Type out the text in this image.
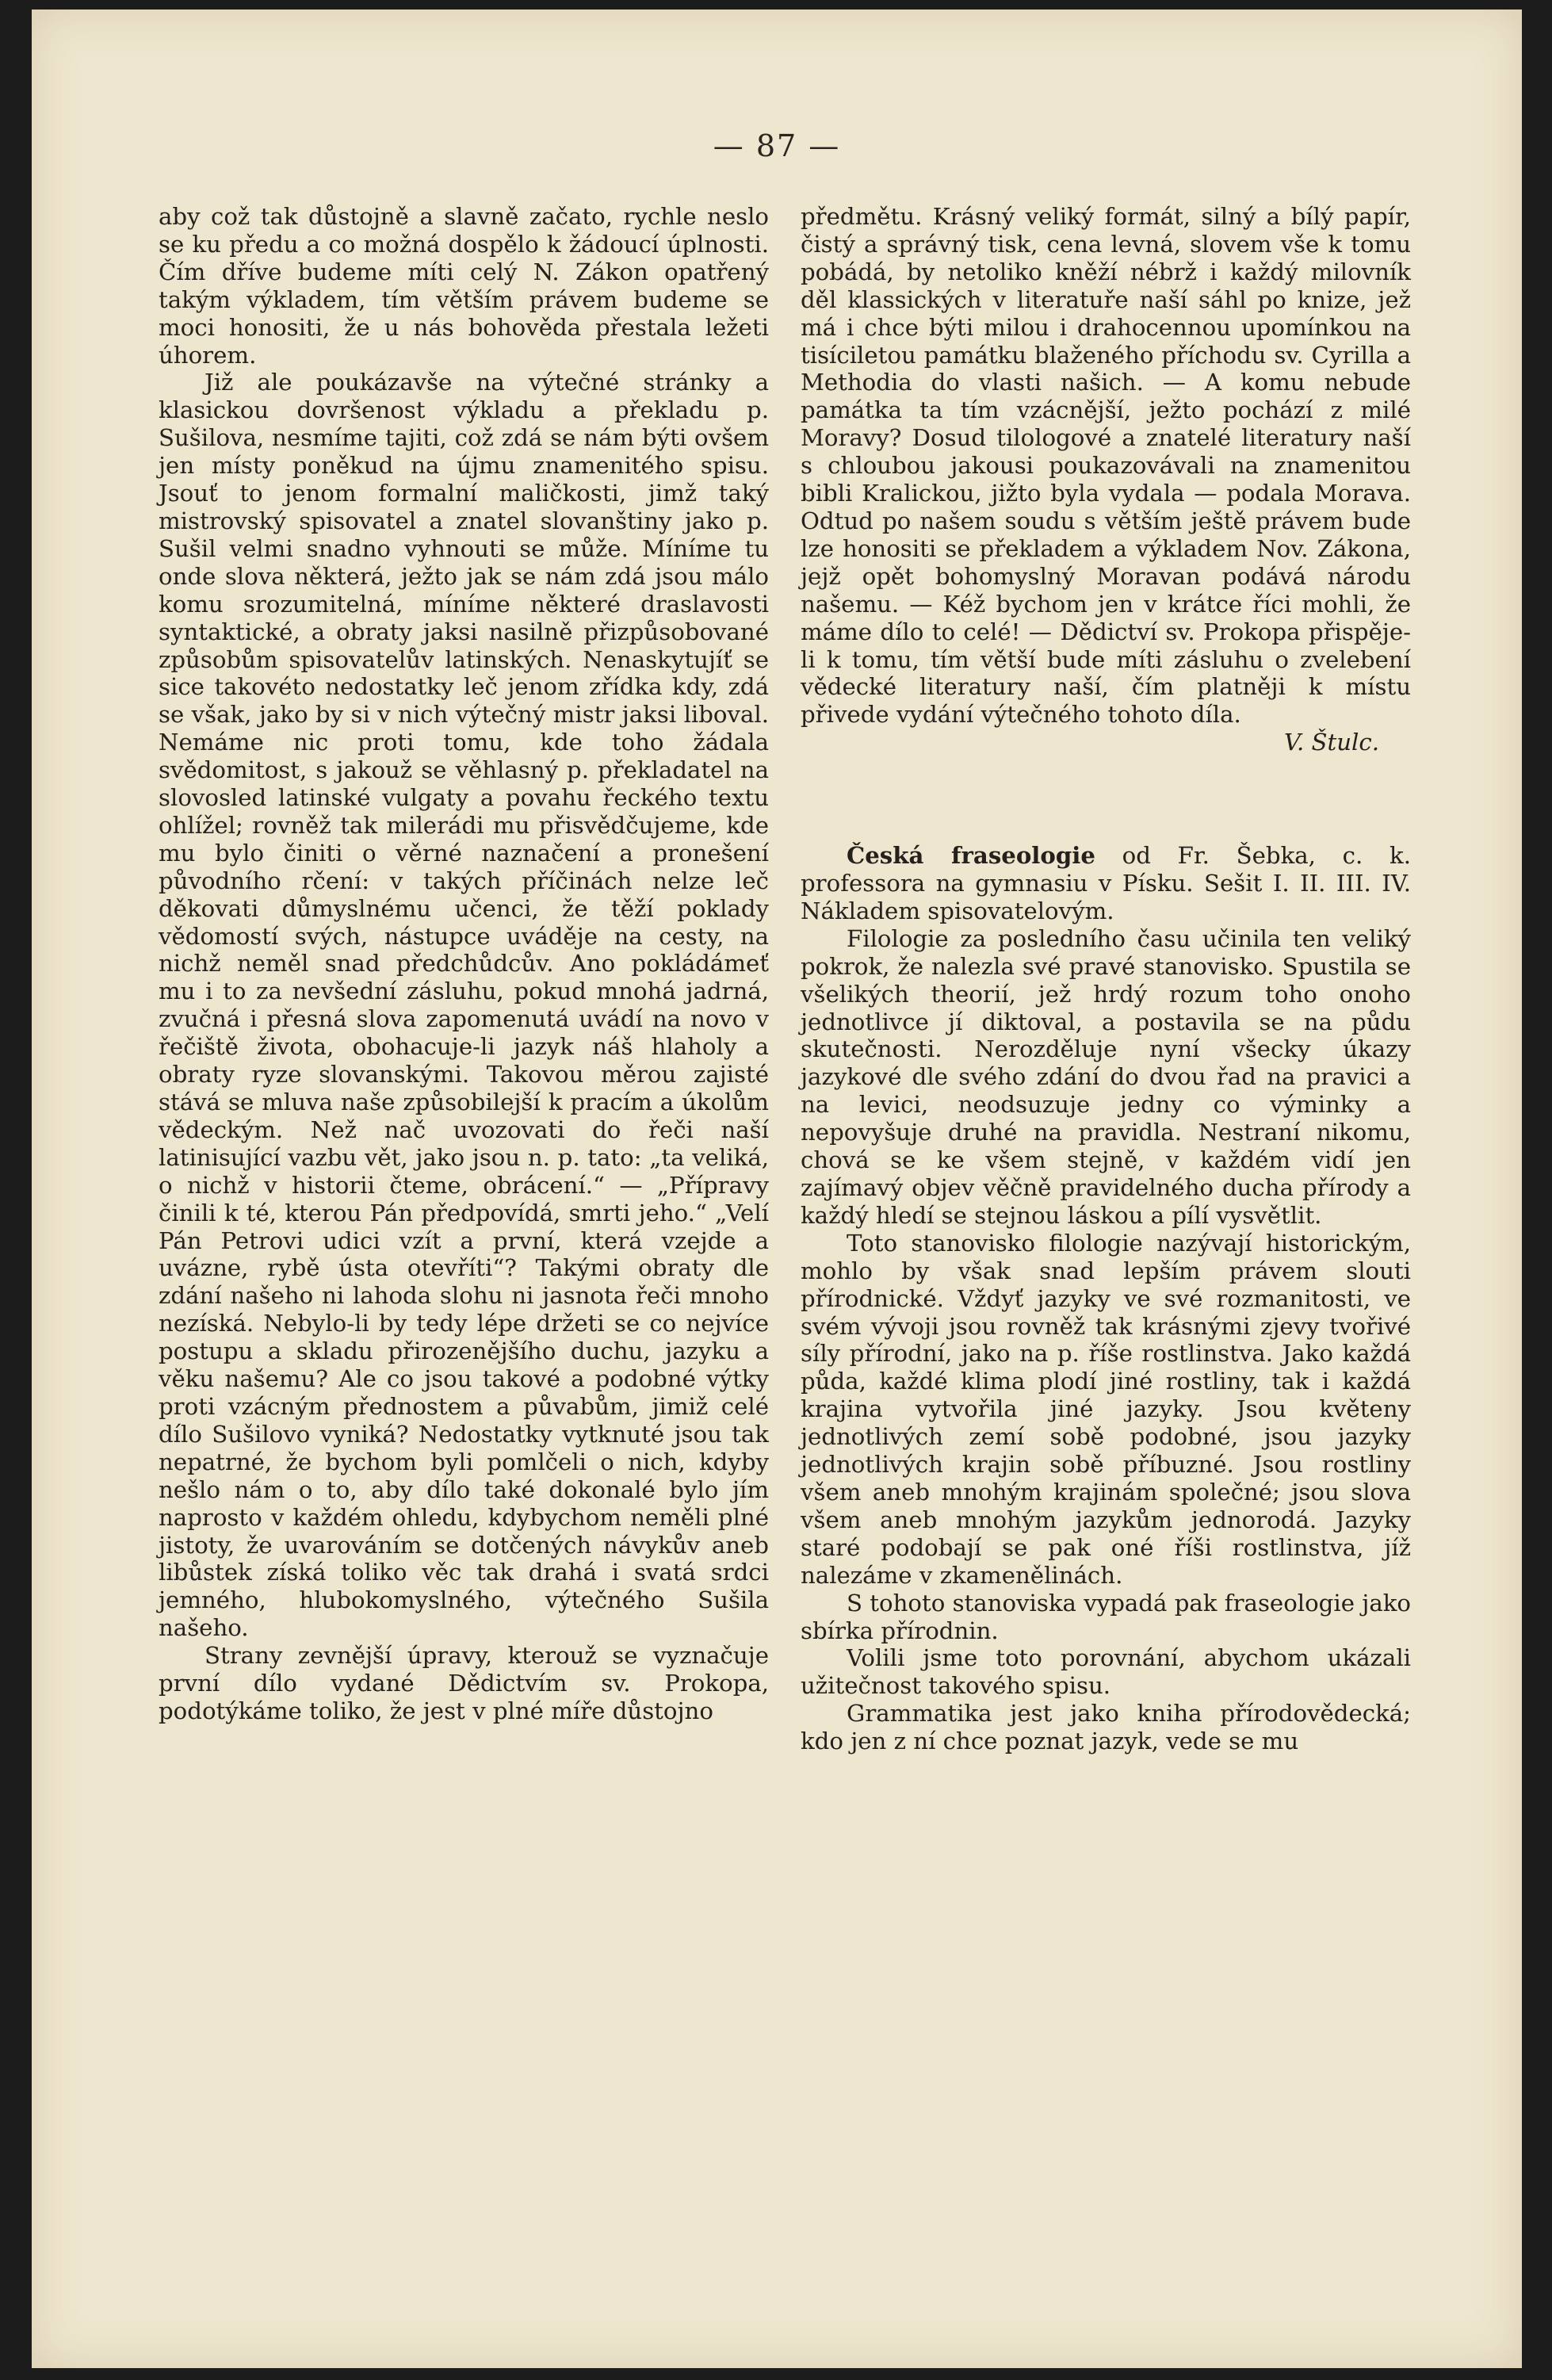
— 87 —

aby což tak důstojně a slavně začato, rychle neslo se ku předu a co možná dospělo k žádoucí úplnosti. Čím dříve budeme míti celý N. Zákon opatřený takým výkladem, tím větším právem budeme se moci honositi, že u nás bohověda přestala ležeti úhorem.

Již ale poukázavše na výtečné stránky a klasickou dovršenost výkladu a překladu p. Sušilova, nesmíme tajiti, což zdá se nám býti ovšem jen místy poněkud na újmu znamenitého spisu. Jsouť to jenom formalní maličkosti, jimž taký mistrovský spisovatel a znatel slovanštiny jako p. Sušil velmi snadno vyhnouti se může. Míníme tu onde slova některá, ježto jak se nám zdá jsou málo komu srozumitelná, míníme některé draslavosti syntaktické, a obraty jaksi nasilně přizpůsobované způsobům spisovatelův latinských. Nenaskytujíť se sice takovéto nedostatky leč jenom zřídka kdy, zdá se však, jako by si v nich výtečný mistr jaksi liboval. Nemáme nic proti tomu, kde toho žádala svědomitost, s jakouž se věhlasný p. překladatel na slovosled latinské vulgaty a povahu řeckého textu ohlížel; rovněž tak milerádi mu přisvědčujeme, kde mu bylo činiti o věrné naznačení a pronešení původního rčení: v takých příčinách nelze leč děkovati důmyslnému učenci, že těží poklady vědomostí svých, nástupce uváděje na cesty, na nichž neměl snad předchůdcův. Ano pokládámeť mu i to za nevšední zásluhu, pokud mnohá jadrná, zvučná i přesná slova zapomenutá uvádí na novo v řečiště života, obohacuje-li jazyk náš hlaholy a obraty ryze slovanskými. Takovou měrou zajisté stává se mluva naše způsobilejší k pracím a úkolům vědeckým. Než nač uvozovati do řeči naší latinisující vazbu vět, jako jsou n. p. tato: „ta veliká, o nichž v historii čteme, obrácení.“ — „Přípravy činili k té, kterou Pán předpovídá, smrti jeho.“ „Velí Pán Petrovi udici vzít a první, která vzejde a uvázne, rybě ústa otevříti“? Takými obraty dle zdání našeho ni lahoda slohu ni jasnota řeči mnoho nezíská. Nebylo-li by tedy lépe držeti se co nejvíce postupu a skladu přirozenějšího duchu, jazyku a věku našemu? Ale co jsou takové a podobné výtky proti vzácným přednostem a půvabům, jimiž celé dílo Sušilovo vyniká? Nedostatky vytknuté jsou tak nepatrné, že bychom byli pomlčeli o nich, kdyby nešlo nám o to, aby dílo také dokonalé bylo jím naprosto v každém ohledu, kdybychom neměli plné jistoty, že uvarováním se dotčených návykův aneb libůstek získá toliko věc tak drahá i svatá srdci jemného, hlubokomyslného, výtečného Sušila našeho.

Strany zevnější úpravy, kterouž se vyznačuje první dílo vydané Dědictvím sv. Prokopa, podotýkáme toliko, že jest v plné míře důstojno

předmětu. Krásný veliký formát, silný a bílý papír, čistý a správný tisk, cena levná, slovem vše k tomu pobádá, by netoliko kněží nébrž i každý milovník děl klassických v literatuře naší sáhl po knize, jež má i chce býti milou i drahocennou upomínkou na tisíciletou památku blaženého příchodu sv. Cyrilla a Methodia do vlasti našich. — A komu nebude památka ta tím vzácnější, ježto pochází z milé Moravy? Dosud tilologové a znatelé literatury naší s chloubou jakousi poukazovávali na znamenitou bibli Kralickou, jižto byla vydala — podala Morava. Odtud po našem soudu s větším ještě právem bude lze honositi se překladem a výkladem Nov. Zákona, jejž opět bohomyslný Moravan podává národu našemu. — Kéž bychom jen v krátce říci mohli, že máme dílo to celé! — Dědictví sv. Prokopa přispěje-li k tomu, tím větší bude míti zásluhu o zvelebení vědecké literatury naší, čím platněji k místu přivede vydání výtečného tohoto díla.

V. Štulc.

Česká fraseologie od Fr. Šebka, c. k. professora na gymnasiu v Písku. Sešit I. II. III. IV. Nákladem spisovatelovým.

Filologie za posledního času učinila ten veliký pokrok, že nalezla své pravé stanovisko. Spustila se všelikých theorií, jež hrdý rozum toho onoho jednotlivce jí diktoval, a postavila se na půdu skutečnosti. Nerozděluje nyní všecky úkazy jazykové dle svého zdání do dvou řad na pravici a na levici, neodsuzuje jedny co výminky a nepovyšuje druhé na pravidla. Nestraní nikomu, chová se ke všem stejně, v každém vidí jen zajímavý objev věčně pravidelného ducha přírody a každý hledí se stejnou láskou a pílí vysvětlit.

Toto stanovisko filologie nazývají historickým, mohlo by však snad lepším právem slouti přírodnické. Vždyť jazyky ve své rozmanitosti, ve svém vývoji jsou rovněž tak krásnými zjevy tvořivé síly přírodní, jako na p. říše rostlinstva. Jako každá půda, každé klima plodí jiné rostliny, tak i každá krajina vytvořila jiné jazyky. Jsou květeny jednotlivých zemí sobě podobné, jsou jazyky jednotlivých krajin sobě příbuzné. Jsou rostliny všem aneb mnohým krajinám společné; jsou slova všem aneb mnohým jazykům jednorodá. Jazyky staré podobají se pak oné říši rostlinstva, jíž nalezáme v zkamenělinách.

S tohoto stanoviska vypadá pak fraseologie jako sbírka přírodnin.

Volili jsme toto porovnání, abychom ukázali užitečnost takového spisu.

Grammatika jest jako kniha přírodovědecká; kdo jen z ní chce poznat jazyk, vede se mu
